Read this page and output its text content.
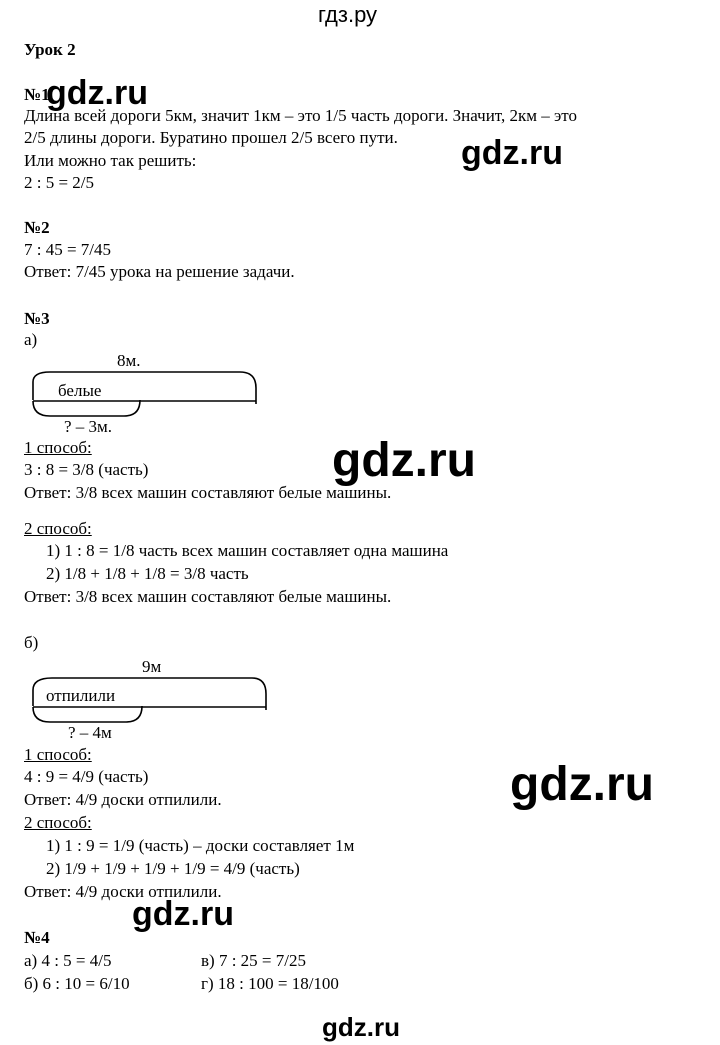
гдз.ру
Урок 2
№1
gdz.ru
Длина всей дороги 5км, значит 1км – это 1/5 часть дороги. Значит, 2км – это
2/5 длины дороги. Буратино прошел 2/5 всего пути. gdz.ru
Или можно так решить:
2 : 5 = 2/5
№2
7 : 45 = 7/45
Ответ: 7/45 урока на решение задачи.
№3
а)
8м.
белые
? – 3м.
1 способ:	gdz.ru
3 : 8 = 3/8 (часть)
Ответ: 3/8 всех машин составляют белые машины.
2 способ:
1) 1 : 8 = 1/8 часть всех машин составляет одна машина
2) 1/8 + 1/8 + 1/8 = 3/8 часть
Ответ: 3/8 всех машин составляют белые машины.
б)
9м
отпилили
? – 4м
1 способ:
gdz.ru
4 : 9 = 4/9 (часть)
Ответ: 4/9 доски отпилили.
2 способ:
1) 1 : 9 = 1/9 (часть) – доски составляет 1м
2) 1/9 + 1/9 + 1/9 + 1/9 = 4/9 (часть)
Ответ: 4/9 доски отпилили.
gdz.ru
№4
а) 4 : 5 = 4/5	в) 7 : 25 = 7/25
б) 6 : 10 = 6/10	г) 18 : 100 = 18/100
gdz.ru
